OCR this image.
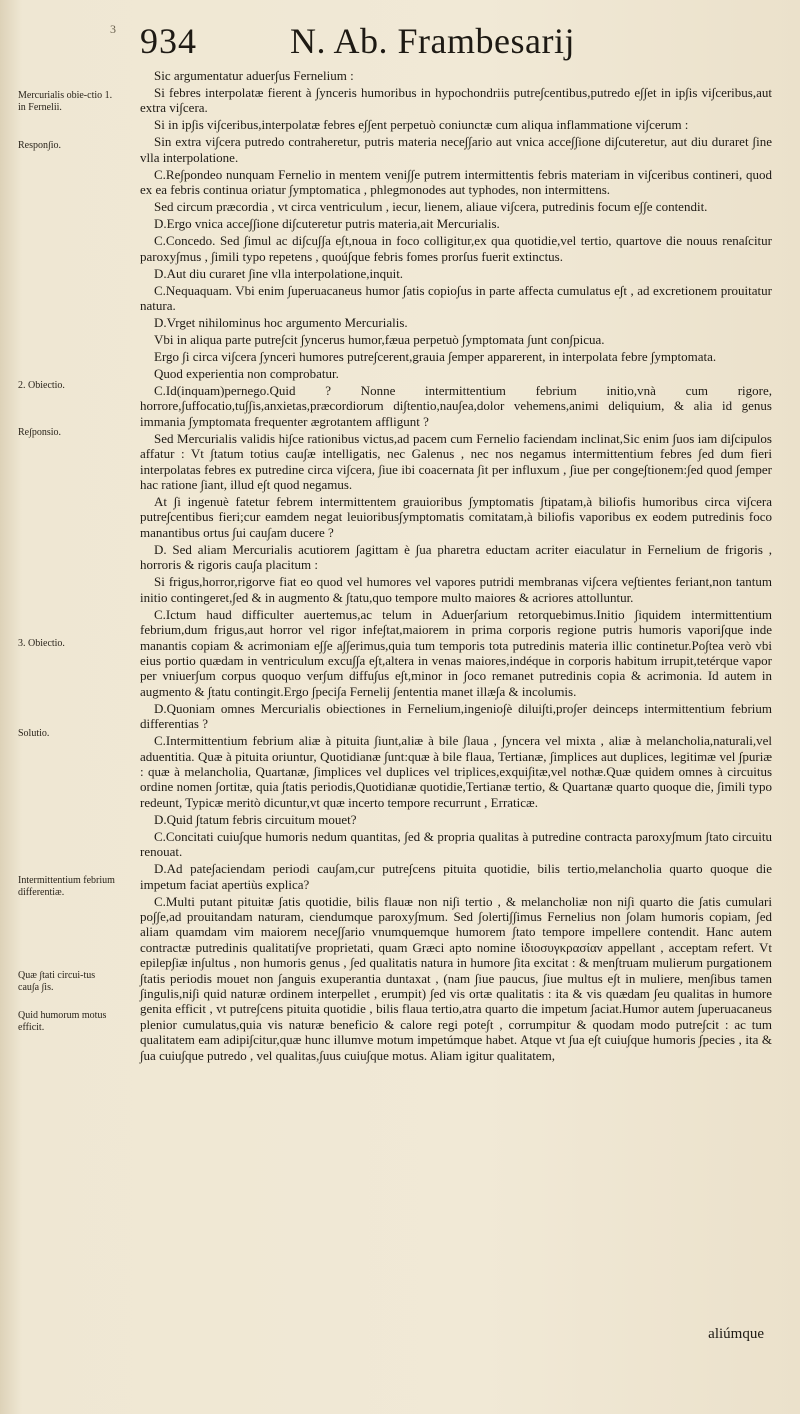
3 934	N. Ab. Frambesarij
Mercurialis obie-ctio 1. in Fernelii.
Respon∫io.
2. Obiectio.
Re∫ponsio.
3. Obiectio.
Solutio.
Intermittentium febrium differentiæ.
Quæ ∫tati circui-tus cau∫a ∫is.
Quid humorum motus efficit.

Sic argumentatur aduer∫us Fernelium :

Si febres interpolatæ fierent à ∫ynceris humoribus in hypochondriis putre∫centibus,putredo e∫∫et in ip∫is vi∫ceribus,aut extra vi∫cera.

Si in ip∫is vi∫ceribus,interpolatæ febres e∫∫ent perpetuò coniunctæ cum aliqua inflammatione vi∫cerum :

Sin extra vi∫cera putredo contraheretur, putris materia nece∫∫ario aut vnica acce∫∫ione di∫cuteretur, aut diu duraret ∫ine vlla interpolatione.

C.Re∫pondeo nunquam Fernelio in mentem veni∫∫e putrem intermittentis febris materiam in vi∫ceribus contineri, quod ex ea febris continua oriatur ∫ymptomatica , phlegmonodes aut typhodes, non intermittens.

Sed circum præcordia , vt circa ventriculum , iecur, lienem, aliaue vi∫cera, putredinis focum e∫∫e contendit.

D.Ergo vnica acce∫∫ione di∫cuteretur putris materia,ait Mercurialis.

C.Concedo. Sed ∫imul ac di∫cu∫∫a e∫t,noua in foco colligitur,ex qua quotidie,vel tertio, quartove die nouus renaſcitur paroxy∫mus , ∫imili typo repetens , quoú∫que febris fomes prorſus fuerit extinctus.

D.Aut diu curaret ∫ine vlla interpolatione,inquit.

C.Nequaquam. Vbi enim ∫uperuacaneus humor ∫atis copio∫us in parte affecta cumulatus e∫t , ad excretionem prouitatur natura.

D.Vrget nihilominus hoc argumento Mercurialis.

Vbi in aliqua parte putre∫cit ∫yncerus humor,fæua perpetuò ∫ymptomata ∫unt con∫picua.

Ergo ∫i circa vi∫cera ∫ynceri humores putre∫cerent,grauia ∫emper apparerent, in interpolata febre ∫ymptomata.

Quod experientia non comprobatur.

C.Id(inquam)pernego.Quid ? Nonne intermittentium febrium initio,vnà cum rigore, horrore,∫uffocatio,tu∫∫is,anxietas,præcordiorum di∫tentio,nau∫ea,dolor vehemens,animi deliquium, & alia id genus immania ∫ymptomata frequenter ægrotantem affligunt ?

Sed Mercurialis validis hi∫ce rationibus victus,ad pacem cum Fernelio faciendam inclinat,Sic enim ∫uos iam di∫cipulos affatur : Vt ∫tatum totius cau∫æ intelligatis, nec Galenus , nec nos negamus intermittentium febres ∫ed dum fieri interpolatas febres ex putredine circa vi∫cera, ∫iue ibi coacernata ∫it per influxum , ∫iue per conge∫tionem:∫ed quod ∫emper hac ratione ∫iant, illud e∫t quod negamus.

At ∫i ingenuè fatetur febrem intermittentem grauioribus ∫ymptomatis ∫tipatam,à biliofis humoribus circa vi∫cera putre∫centibus fieri;cur eamdem negat leuioribus∫ymptomatis comitatam,à biliofis vaporibus ex eodem putredinis foco manantibus ortus ∫ui cau∫am ducere ?

D. Sed aliam Mercurialis acutiorem ∫agittam è ∫ua pharetra eductam acriter eiaculatur in Fernelium de frigoris , horroris & rigoris cau∫a placitum :

Si frigus,horror,rigorve fiat eo quod vel humores vel vapores putridi membranas vi∫cera ve∫tientes feriant,non tantum initio contingeret,∫ed & in augmento & ∫tatu,quo tempore multo maiores & acriores attolluntur.

C.Ictum haud difficulter auertemus,ac telum in Aduer∫arium retorquebimus.Initio ∫iquidem intermittentium febrium,dum frigus,aut horror vel rigor infe∫tat,maiorem in prima corporis regione putris humoris vapori∫que inde manantis copiam & acrimoniam e∫∫e a∫∫erimus,quia tum temporis tota putredinis materia illic continetur.Po∫tea verò vbi eius portio quædam in ventriculum excu∫∫a e∫t,altera in venas maiores,indéque in corporis habitum irrupit,tetérque vapor per vniuer∫um corpus quoquo ver∫um diffu∫us e∫t,minor in ∫oco remanet putredinis copia & acrimonia. Id autem in augmento & ∫tatu contingit.Ergo ∫peci∫a Fernelij ∫ententia manet illæ∫a & incolumis.

D.Quoniam omnes Mercurialis obiectiones in Fernelium,ingenio∫è dilui∫ti,pro∫er deinceps intermittentium febrium differentias ?

C.Intermittentium febrium aliæ à pituita ∫iunt,aliæ à bile ∫laua , ∫yncera vel mixta , aliæ à melancholia,naturali,vel aduentitia. Quæ à pituita oriuntur, Quotidianæ ∫unt:quæ à bile flaua, Tertianæ, ∫implices aut duplices, legitimæ vel ∫puriæ : quæ à melancholia, Quartanæ, ∫implices vel duplices vel triplices,exqui∫itæ,vel nothæ.Quæ quidem omnes à circuitus ordine nomen ∫ortitæ, quia ∫tatis periodis,Quotidianæ quotidie,Tertianæ tertio, & Quartanæ quarto quoque die, ∫imili typo redeunt, Typicæ meritò dicuntur,vt quæ incerto tempore recurrunt , Erraticæ.

D.Quid ∫tatum febris circuitum mouet?

C.Concitati cuiu∫que humoris nedum quantitas, ∫ed & propria qualitas à putredine contracta paroxy∫mum ∫tato circuitu renouat.

D.Ad pate∫aciendam periodi cau∫am,cur putre∫cens pituita quotidie, bilis tertio,melancholia quarto quoque die impetum faciat apertiùs explica?

C.Multi putant pituitæ ∫atis quotidie, bilis flauæ non ni∫i tertio , & melancholiæ non ni∫i quarto die ∫atis cumulari po∫∫e,ad prouitandam naturam, ciendumque paroxy∫mum. Sed ∫olerti∫∫imus Fernelius non ∫olam humoris copiam, ∫ed aliam quamdam vim maiorem nece∫∫ario vnumquemque humorem ∫tato tempore impellere contendit. Hanc autem contractæ putredinis qualitati∫ve proprietati, quam Græci apto nomine ἰδιοσυγκρασίαν appellant , acceptam refert. Vt epilep∫iæ in∫ultus , non humoris genus , ∫ed qualitatis natura in humore ∫ita excitat : & men∫truam mulierum purgationem ∫tatis periodis mouet non ∫anguis exuperantia duntaxat , (nam ∫iue paucus, ∫iue multus e∫t in muliere, men∫ibus tamen ∫ingulis,ni∫i quid naturæ ordinem interpellet , erumpit) ∫ed vis ortæ qualitatis : ita & vis quædam ∫eu qualitas in humore genita efficit , vt putre∫cens pituita quotidie , bilis flaua tertio,atra quarto die impetum ∫aciat.Humor autem ∫uperuacaneus plenior cumulatus,quia vis naturæ beneficio & calore regi pote∫t , corrumpitur & quodam modo putre∫cit : ac tum qualitatem eam adipi∫citur,quæ hunc illumve motum impetúmque habet. Atque vt ∫ua e∫t cuiu∫que humoris ∫pecies , ita & ∫ua cuiu∫que putredo , vel qualitas,∫uus cuiu∫que motus. Aliam igitur qualitatem,

aliúmque
